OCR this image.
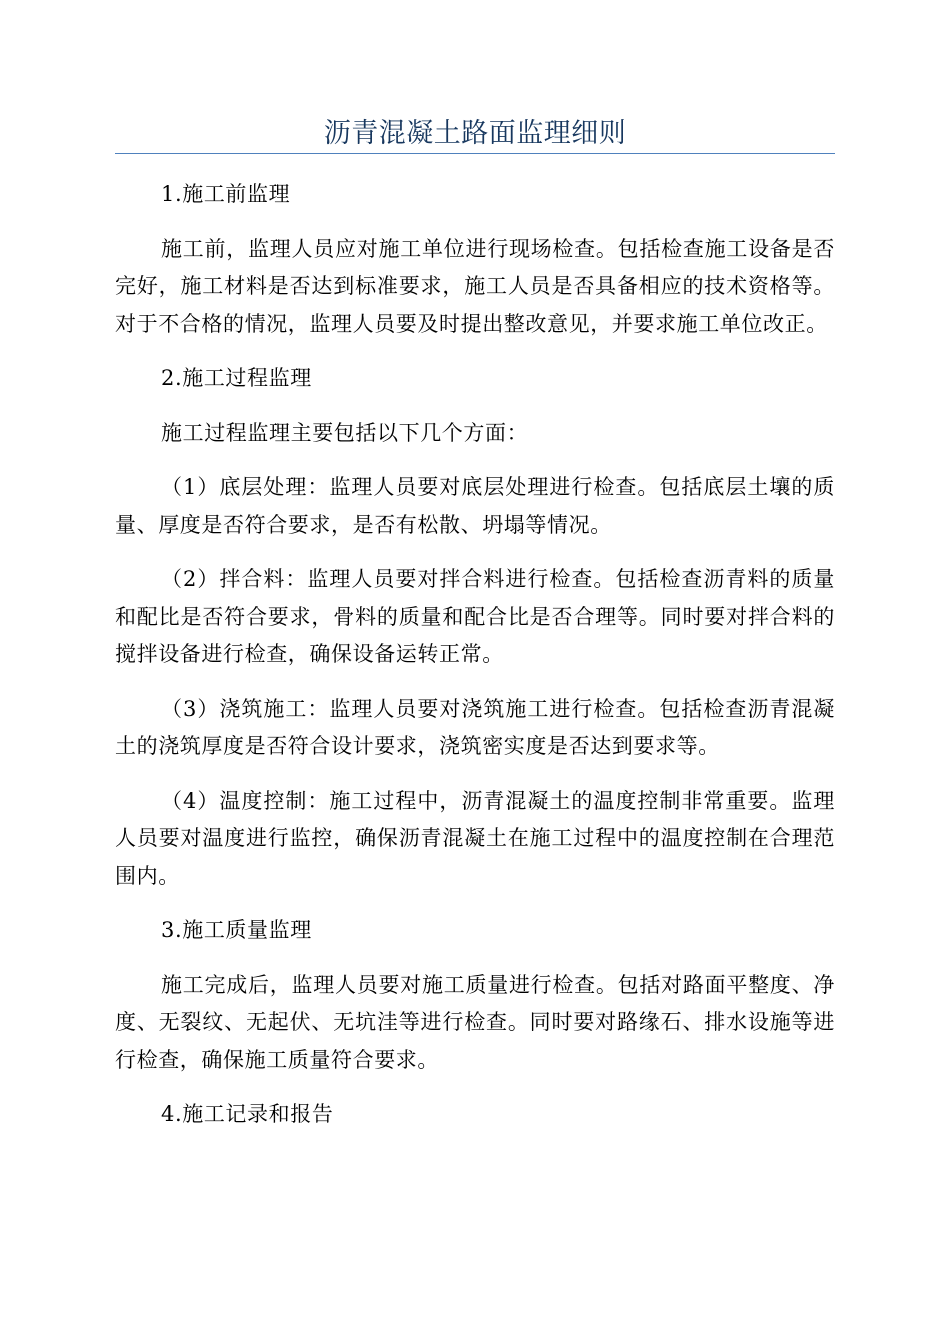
沥青混凝土路面监理细则

1.施工前监理

施工前，监理人员应对施工单位进行现场检查。包括检查施工设备是否完好，施工材料是否达到标准要求，施工人员是否具备相应的技术资格等。对于不合格的情况，监理人员要及时提出整改意见，并要求施工单位改正。

2.施工过程监理

施工过程监理主要包括以下几个方面：

（1）底层处理：监理人员要对底层处理进行检查。包括底层土壤的质量、厚度是否符合要求，是否有松散、坍塌等情况。

（2）拌合料：监理人员要对拌合料进行检查。包括检查沥青料的质量和配比是否符合要求，骨料的质量和配合比是否合理等。同时要对拌合料的搅拌设备进行检查，确保设备运转正常。

（3）浇筑施工：监理人员要对浇筑施工进行检查。包括检查沥青混凝土的浇筑厚度是否符合设计要求，浇筑密实度是否达到要求等。

（4）温度控制：施工过程中，沥青混凝土的温度控制非常重要。监理人员要对温度进行监控，确保沥青混凝土在施工过程中的温度控制在合理范围内。

3.施工质量监理

施工完成后，监理人员要对施工质量进行检查。包括对路面平整度、净度、无裂纹、无起伏、无坑洼等进行检查。同时要对路缘石、排水设施等进行检查，确保施工质量符合要求。

4.施工记录和报告
